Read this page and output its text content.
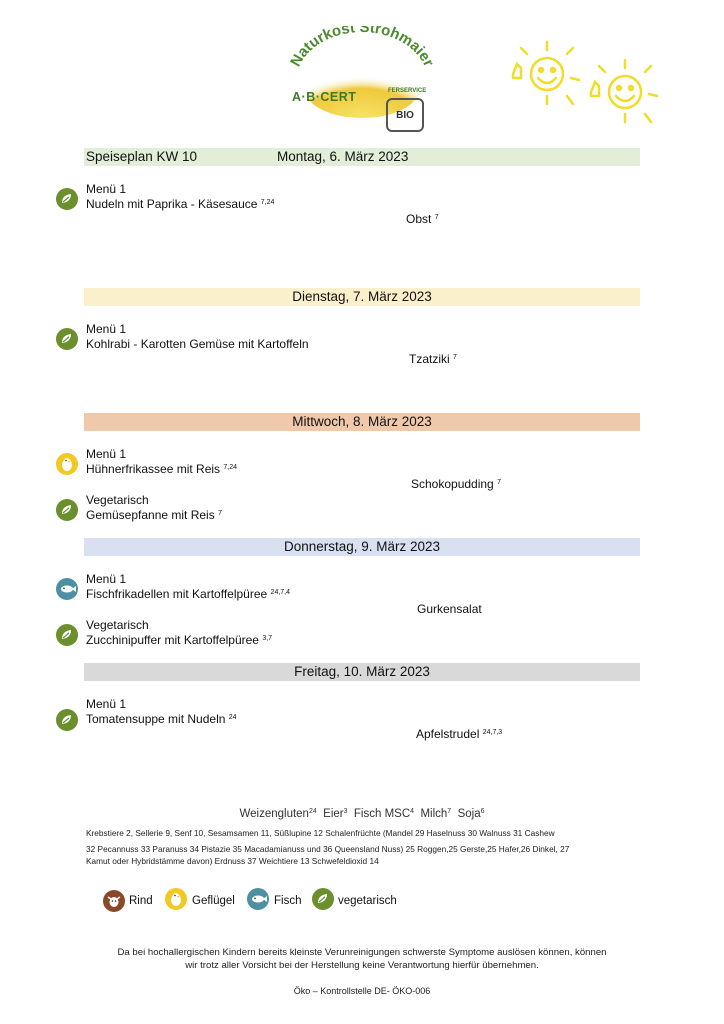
Naturkost Strohmaier
A·B·CERT	FERSERVICE
BIO
Speiseplan KW 10	Montag, 6. März 2023
Menü 1
Nudeln mit Paprika - Käsesauce $^{7,24}$
Obst $^7$
Dienstag, 7. März 2023
Menü 1
Kohlrabi - Karotten Gemüse mit Kartoffeln
Tzatziki $^7$
Mittwoch, 8. März 2023
Menü 1
Hühnerfrikassee mit Reis $^{7,24}$
Schokopudding $^7$
Vegetarisch
Gemüsepfanne mit Reis $^7$
Donnerstag, 9. März 2023
Menü 1
Fischfrikadellen mit Kartoffelpüree $^{24,7,4}$
Gurkensalat
Vegetarisch
Zucchinipuffer mit Kartoffelpüree $^{3,7}$
Freitag, 10. März 2023
Menü 1
Tomatensuppe mit Nudeln $^{24}$
Apfelstrudel $^{24,7,3}$
Weizengluten$^{24}$ Eier$^3$ Fisch MSC$^4$ Milch$^7$ Soja$^6$
Krebstiere 2, Sellerie 9, Senf 10, Sesamsamen 11, Süßlupine 12 Schalenfrüchte (Mandel 29 Haselnuss 30 Walnuss 31 Cashew
32 Pecannuss 33 Paranuss 34 Pistazie 35 Macadamianuss und 36 Queensland Nuss) 25 Roggen,25 Gerste,25 Hafer,26 Dinkel, 27
Kamut oder Hybridstämme davon) Erdnuss 37 Weichtiere 13 Schwefeldioxid 14
Rind	Geflügel	Fisch	vegetarisch
Da bei hochallergischen Kindern bereits kleinste Verunreinigungen schwerste Symptome auslösen können, können
wir trotz aller Vorsicht bei der Herstellung keine Verantwortung hierfür übernehmen.
Öko – Kontrollstelle DE- ÖKO-006
